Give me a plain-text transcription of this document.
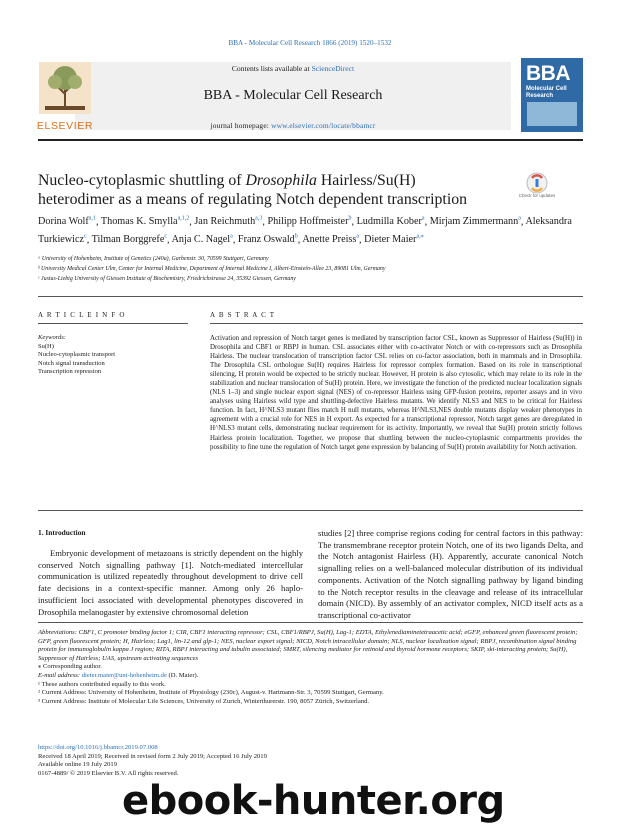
BBA - Molecular Cell Research 1866 (2019) 1520–1532
ELSEVIER
Contents lists available at ScienceDirect
BBA - Molecular Cell Research
journal homepage: www.elsevier.com/locate/bbamcr
BBA
Molecular Cell Research
Nucleo-cytoplasmic shuttling of Drosophila Hairless/Su(H) heterodimer as a means of regulating Notch dependent transcription	Check for updates
Dorina Wolf$^{a,1}$, Thomas K. Smylla$^{a,1,2}$, Jan Reichmuth$^{a,3}$, Philipp Hoffmeister$^b$, Ludmilla Kober$^a$, Mirjam Zimmermann$^a$, Aleksandra Turkiewicz$^c$, Tilman Borggrefe$^c$, Anja C. Nagel$^a$, Franz Oswald$^b$, Anette Preiss$^a$, Dieter Maier$^{a,⁎}$
ᵃ University of Hohenheim, Institute of Genetics (240a), Garbenstr. 30, 70599 Stuttgart, Germany
ᵇ University Medical Center Ulm, Center for Internal Medicine, Department of Internal Medicine I, Albert-Einstein-Allee 23, 89081 Ulm, Germany
ᶜ Justus-Liebig University of Giessen Institute of Biochemistry, Friedrichstrasse 24, 35392 Giessen, Germany
A R T I C L E I N F O
Keywords:
Su(H)
Nucleo-cytoplasmic transport
Notch signal transduction
Transcription repression
A B S T R A C T
Activation and repression of Notch target genes is mediated by transcription factor CSL, known as Suppressor of Hairless (Su(H)) in Drosophila and CBF1 or RBPJ in human. CSL associates either with co-activator Notch or with co-repressors such as Drosophila Hairless. The nuclear translocation of transcription factor CSL relies on co-factor association, both in mammals and in Drosophila. The Drosophila CSL orthologue Su(H) requires Hairless for repressor complex formation. Based on its role in transcriptional silencing, H protein would be expected to be strictly nuclear. However, H protein is also cytosolic, which may relate to its role in the stabilization and nuclear translocation of Su(H) protein. Here, we investigate the function of the predicted nuclear localization signals (NLS 1–3) and single nuclear export signal (NES) of co-repressor Hairless using GFP-fusion proteins, reporter assays and in vivo analyses using Hairless wild type and shuttling-defective Hairless mutants. We identify NLS3 and NES to be critical for Hairless function. In fact, H^NLS3 mutant flies match H null mutants, whereas H^NLS3,NES double mutants display weaker phenotypes in agreement with a crucial role for NES in H export. As expected for a transcriptional repressor, Notch target genes are deregulated in H^NLS3 mutant cells, demonstrating nuclear requirement for its activity. Importantly, we reveal that Su(H) protein strictly follows Hairless protein localization. Together, we propose that shuttling between the nucleo-cytoplasmic compartments provides the possibility to fine tune the regulation of Notch target gene expression by balancing of Su(H) protein availability for Notch activation.
1. Introduction
Embryonic development of metazoans is strictly dependent on the highly conserved Notch signalling pathway [1]. Notch-mediated intercellular communication is utilized repeatedly throughout development to drive cell fate decisions in a context-specific manner. Among only 26 haplo-insufficient loci associated with developmental phenotypes discovered in Drosophila melanogaster by extensive chromosomal deletion
studies [2] three comprise regions coding for central factors in this pathway: The transmembrane receptor protein Notch, one of its two ligands Delta, and the Notch antagonist Hairless (H). Apparently, accurate canonical Notch signalling relies on a well-balanced molecular distribution of its individual components. Activation of the Notch signalling pathway by ligand binding to the Notch receptor results in the cleavage and release of its intracellular domain (NICD). By assembly of an activator complex, NICD itself acts as a transcriptional co-activator

Abbreviations: CBF1, C promoter binding factor 1; CIR, CBF1 interacting repressor; CSL, CBF1/RBPJ, Su(H), Lag-1; EDTA, Ethylenediaminetetraacetic acid; eGFP, enhanced green fluorescent protein; GFP, green fluorescent protein; H, Hairless; Lag1, lin-12 and glp-1; NES, nuclear export signal; NICD, Notch intracellular domain; NLS, nuclear localization signal; RBPJ, recombination signal binding protein for immunoglobulin kappa J region; RITA, RBPJ interacting and tubulin associated; SMRT, silencing mediator for retinoid and thyroid hormone receptors; SKIP, ski-interacting protein; Su(H), Suppressor of Hairless; UAS, upstream activating sequences

⁎ Corresponding author.

E-mail address: dieter.maier@uni-hohenheim.de (D. Maier).

¹ These authors contributed equally to this work.

² Current Address: University of Hohenheim, Institute of Physiology (230c), August-v. Hartmann-Str. 3, 70599 Stuttgart, Germany.

³ Current Address: Institute of Molecular Life Sciences, University of Zurich, Winterthurerstr. 190, 8057 Zürich, Switzerland.

https://doi.org/10.1016/j.bbamcr.2019.07.008

Received 18 April 2019; Received in revised form 2 July 2019; Accepted 16 July 2019

Available online 19 July 2019

0167-4889/ © 2019 Elsevier B.V. All rights reserved.

ebook-hunter.org
